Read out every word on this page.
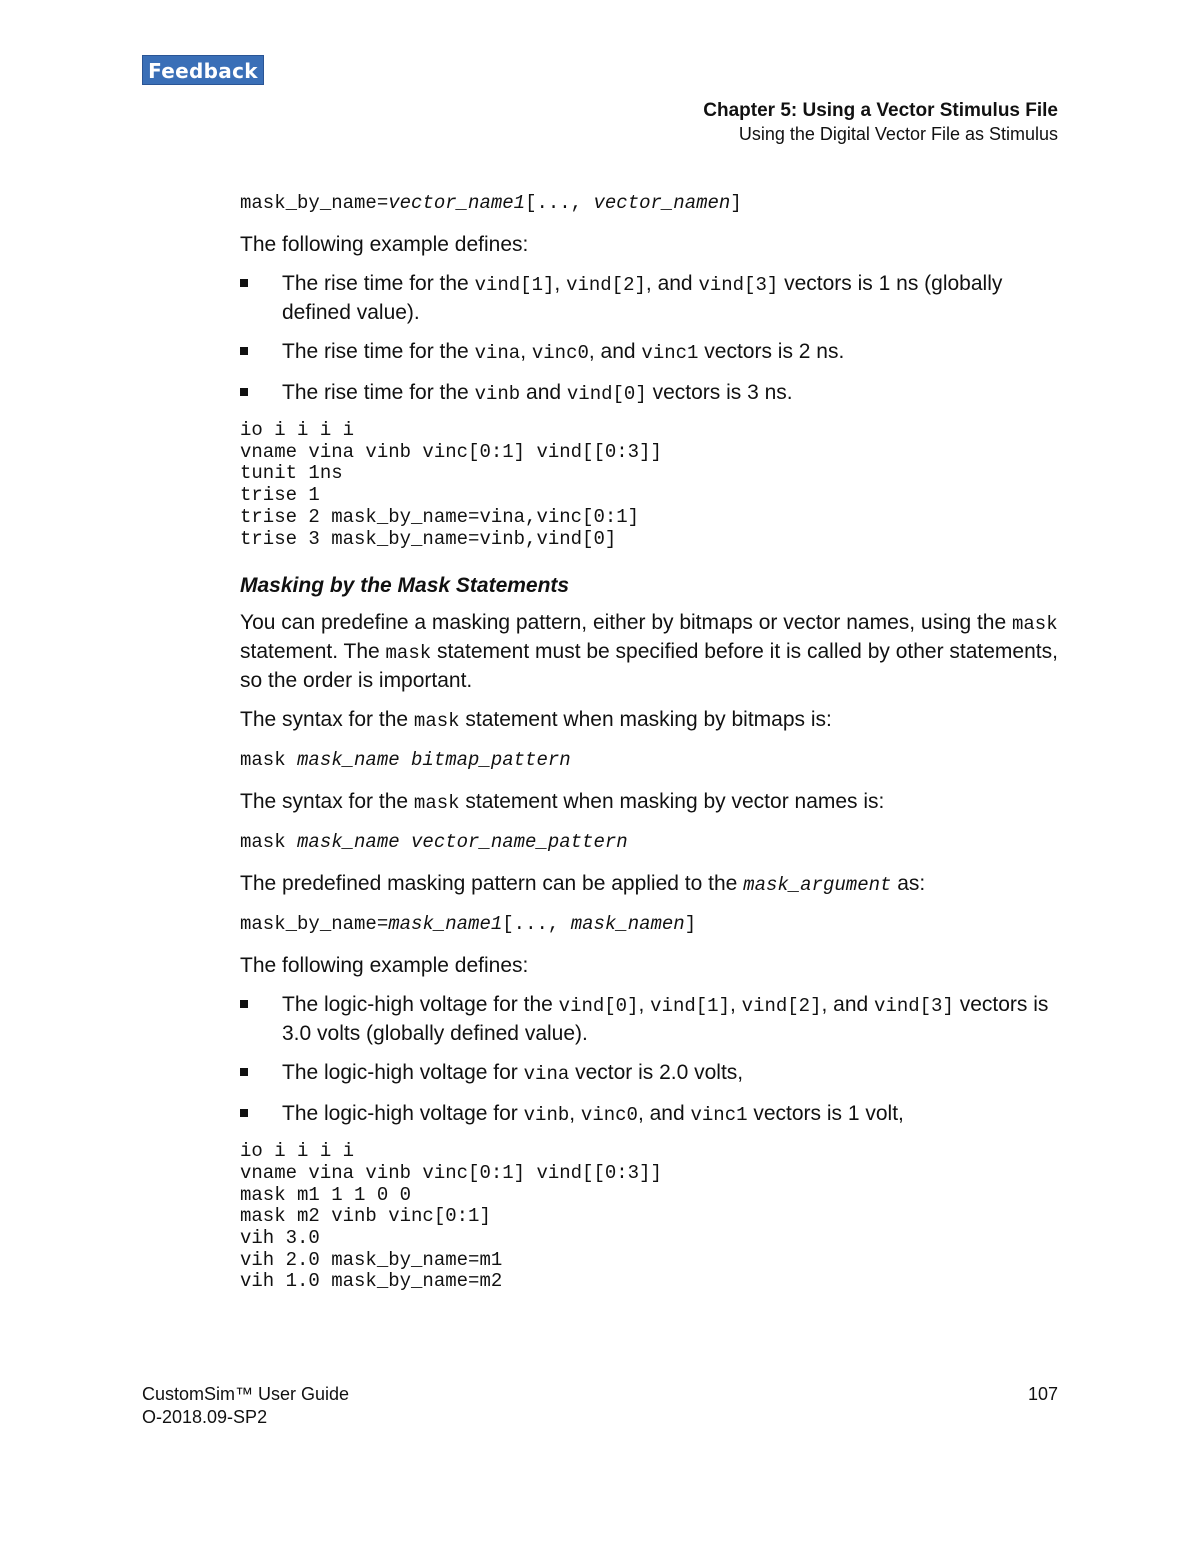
Feedback
Chapter 5: Using a Vector Stimulus File
Using the Digital Vector File as Stimulus
mask_by_name=vector_name1[..., vector_namen]

The following example defines:

The rise time for the vind[1], vind[2], and vind[3] vectors is 1 ns (globally defined value).
The rise time for the vina, vinc0, and vinc1 vectors is 2 ns.
The rise time for the vinb and vind[0] vectors is 3 ns.
io i i i i
vname vina vinb vinc[0:1] vind[[0:3]]
tunit 1ns
trise 1
trise 2 mask_by_name=vina,vinc[0:1]
trise 3 mask_by_name=vinb,vind[0]
Masking by the Mask Statements

You can predefine a masking pattern, either by bitmaps or vector names, using the mask statement. The mask statement must be specified before it is called by other statements, so the order is important.

The syntax for the mask statement when masking by bitmaps is:

mask mask_name bitmap_pattern

The syntax for the mask statement when masking by vector names is:

mask mask_name vector_name_pattern

The predefined masking pattern can be applied to the mask_argument as:

mask_by_name=mask_name1[..., mask_namen]

The following example defines:

The logic-high voltage for the vind[0], vind[1], vind[2], and vind[3] vectors is 3.0 volts (globally defined value).
The logic-high voltage for vina vector is 2.0 volts,
The logic-high voltage for vinb, vinc0, and vinc1 vectors is 1 volt,
io i i i i
vname vina vinb vinc[0:1] vind[[0:3]]
mask m1 1 1 0 0
mask m2 vinb vinc[0:1]
vih 3.0
vih 2.0 mask_by_name=m1
vih 1.0 mask_by_name=m2
CustomSim™ User Guide
O-2018.09-SP2
107
